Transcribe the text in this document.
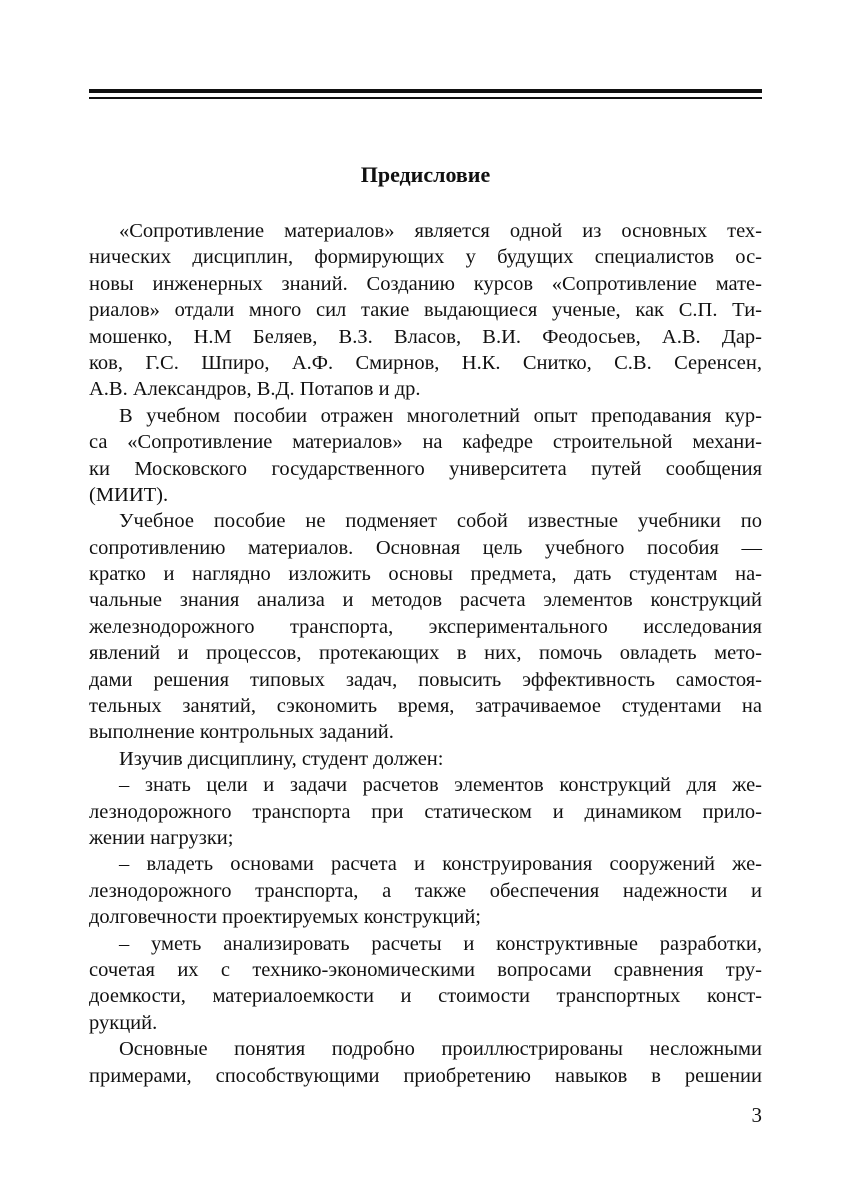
Предисловие
«Сопротивление материалов» является одной из основных тех-
нических дисциплин, формирующих у будущих специалистов ос-
новы инженерных знаний. Созданию курсов «Сопротивление мате-
риалов» отдали много сил такие выдающиеся ученые, как С.П. Ти-
мошенко, Н.М Беляев, В.З. Власов, В.И. Феодосьев, А.В. Дар-
ков, Г.С. Шпиро, А.Ф. Смирнов, Н.К. Снитко, С.В. Серенсен,
А.В. Александров, В.Д. Потапов и др.
В учебном пособии отражен многолетний опыт преподавания кур-
са «Сопротивление материалов» на кафедре строительной механи-
ки Московского государственного университета путей сообщения
(МИИТ).
Учебное пособие не подменяет собой известные учебники по
сопротивлению материалов. Основная цель учебного пособия —
кратко и наглядно изложить основы предмета, дать студентам на-
чальные знания анализа и методов расчета элементов конструкций
железнодорожного транспорта, экспериментального исследования
явлений и процессов, протекающих в них, помочь овладеть мето-
дами решения типовых задач, повысить эффективность самостоя-
тельных занятий, сэкономить время, затрачиваемое студентами на
выполнение контрольных заданий.
Изучив дисциплину, студент должен:
– знать цели и задачи расчетов элементов конструкций для же-
лезнодорожного транспорта при статическом и динамиком прило-
жении нагрузки;
– владеть основами расчета и конструирования сооружений же-
лезнодорожного транспорта, а также обеспечения надежности и
долговечности проектируемых конструкций;
– уметь анализировать расчеты и конструктивные разработки,
сочетая их с технико-экономическими вопросами сравнения тру-
доемкости, материалоемкости и стоимости транспортных конст-
рукций.
Основные понятия подробно проиллюстрированы несложными
примерами, способствующими приобретению навыков в решении
3
